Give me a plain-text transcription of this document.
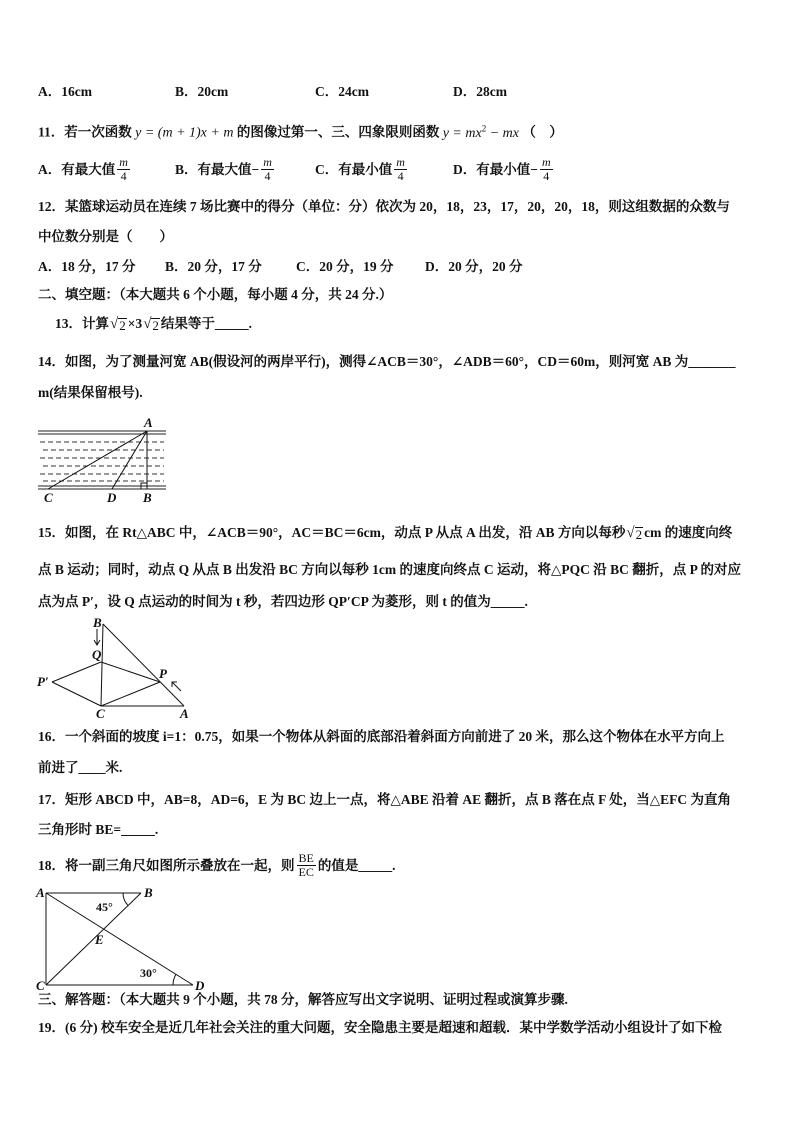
A．16cm	B．20cm	C．24cm	D．28cm
11．若一次函数 y = (m + 1)x + m 的图像过第一、三、四象限则函数 $y = mx^2$ − mx （　）
A．有最大值 $\frac{m}{4}$	B．有最大值 − $\frac{m}{4}$	C．有最小值 $\frac{m}{4}$	D．有最小值 − $\frac{m}{4}$
12．某篮球运动员在连续 7 场比赛中的得分（单位：分）依次为 20，18，23，17，20，20，18，则这组数据的众数与
中位数分别是（　　）
A．18 分，17 分 B．20 分，17 分	C．20 分，19 分 D．20 分，20 分
二、填空题：（本大题共 6 个小题，每小题 4 分，共 24 分.）
13．计算 √ 2 ×3 √ 2 结果等于 _____ .
14．如图，为了测量河宽 AB(假设河的两岸平行)，测得∠ACB＝30°，∠ADB＝60°，CD＝60m，则河宽 AB 为_______
m(结果保留根号).
A
C	D B
15．如图，在 Rt△ABC 中，∠ACB＝90°，AC＝BC＝6cm，动点 P 从点 A 出发，沿 AB 方向以每秒 √ 2 cm 的速度向终
点 B 运动；同时，动点 Q 从点 B 出发沿 BC 方向以每秒 1cm 的速度向终点 C 运动，将△PQC 沿 BC 翻折，点 P 的对应
点为点 P′，设 Q 点运动的时间为 t 秒，若四边形 QP′CP 为菱形，则 t 的值为_____.
B
Q
P′
P
C	A
16．一个斜面的坡度 i=1：0.75，如果一个物体从斜面的底部沿着斜面方向前进了 20 米，那么这个物体在水平方向上
前进了____米.
17．矩形 ABCD 中，AB=8，AD=6，E 为 BC 边上一点，将△ABE 沿着 AE 翻折，点 B 落在点 F 处，当△EFC 为直角
三角形时 BE=_____.
18．将一副三角尺如图所示叠放在一起，则 $\frac{BE}{EC}$ 的值是_____.
A	B
C	D
E
45°
30°
三、解答题：（本大题共 9 个小题，共 78 分，解答应写出文字说明、证明过程或演算步骤.
19．(6 分) 校车安全是近几年社会关注的重大问题，安全隐患主要是超速和超载．某中学数学活动小组设计了如下检
